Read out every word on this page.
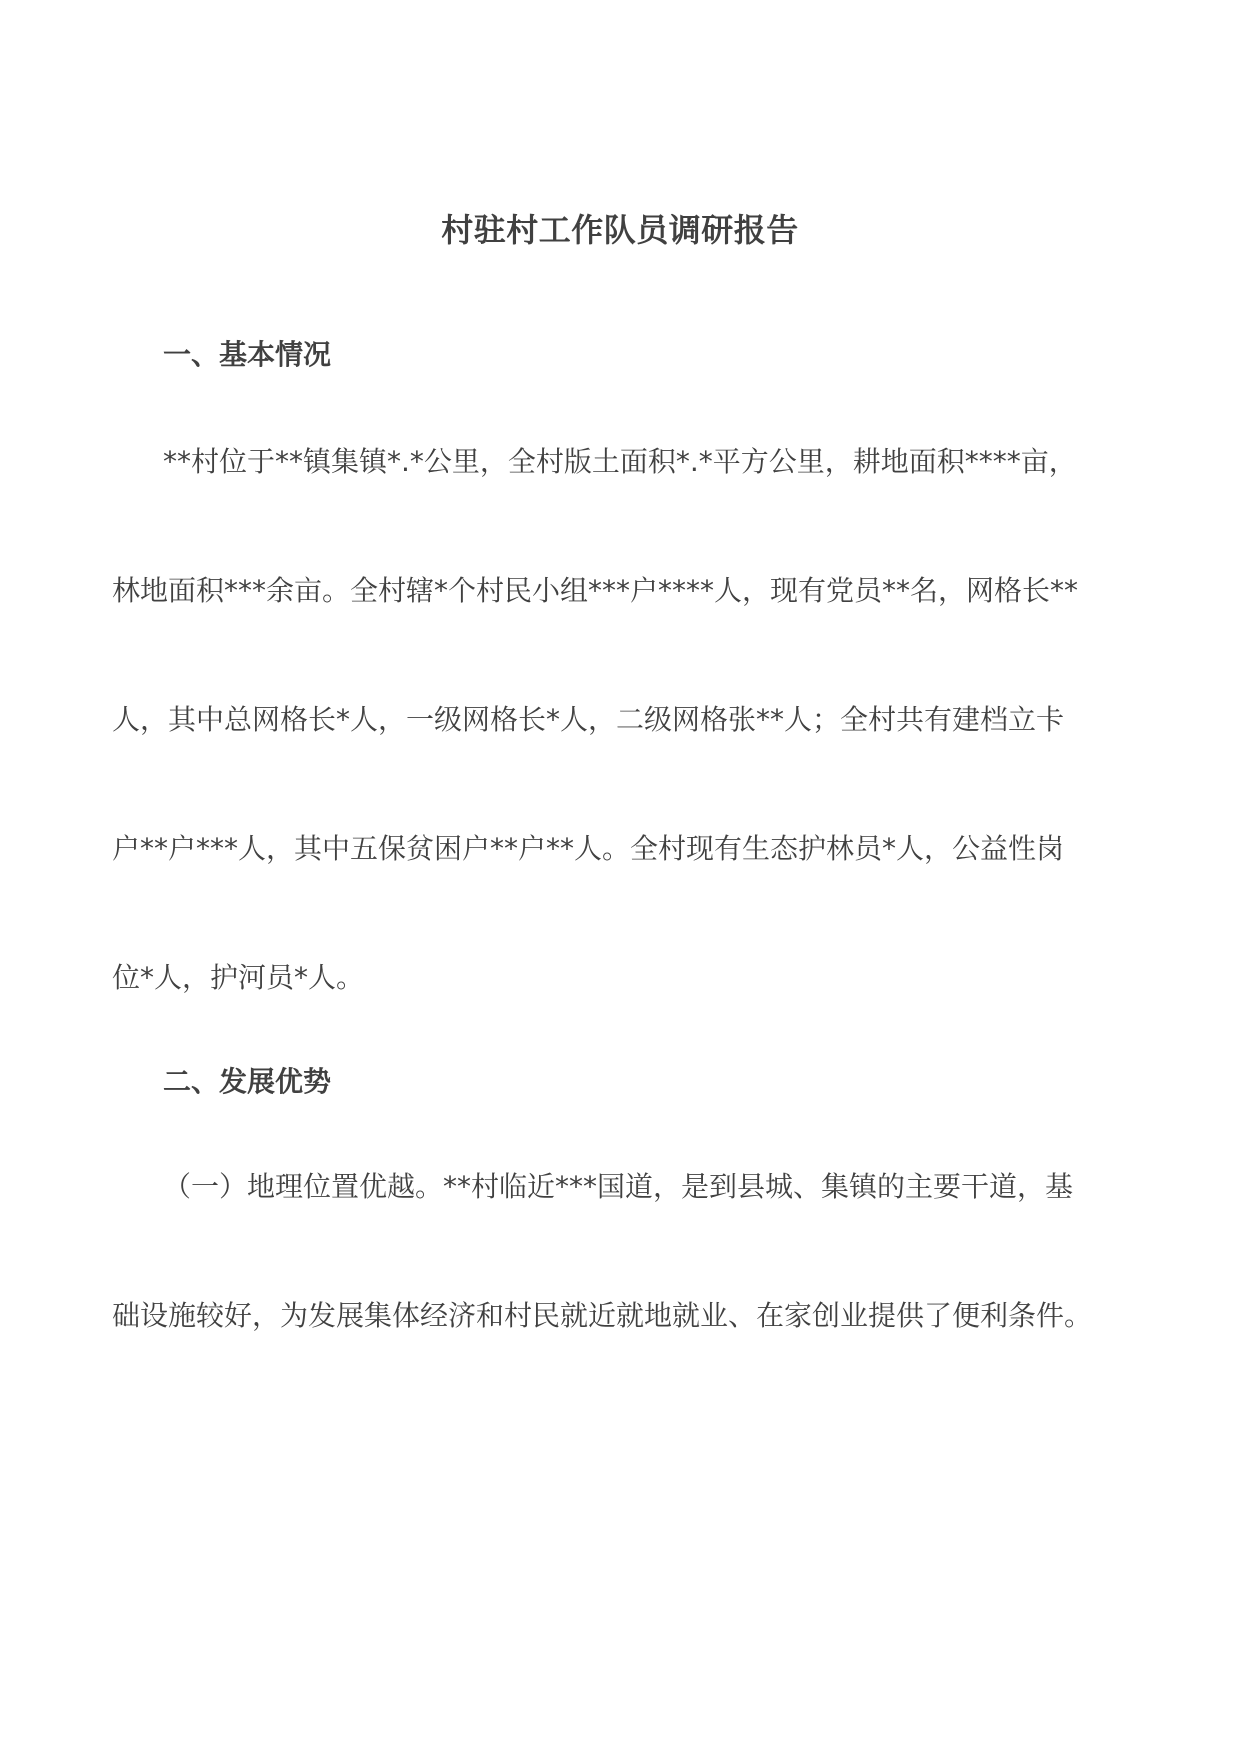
村驻村工作队员调研报告
一、基本情况
**村位于**镇集镇*.*公里，全村版土面积*.*平方公里，耕地面积****亩，
林地面积***余亩。全村辖*个村民小组***户****人，现有党员**名，网格长**
人，其中总网格长*人，一级网格长*人，二级网格张**人；全村共有建档立卡
户**户***人，其中五保贫困户**户**人。全村现有生态护林员*人，公益性岗
位*人，护河员*人。
二、发展优势
（一）地理位置优越。**村临近***国道，是到县城、集镇的主要干道，基
础设施较好，为发展集体经济和村民就近就地就业、在家创业提供了便利条件。
